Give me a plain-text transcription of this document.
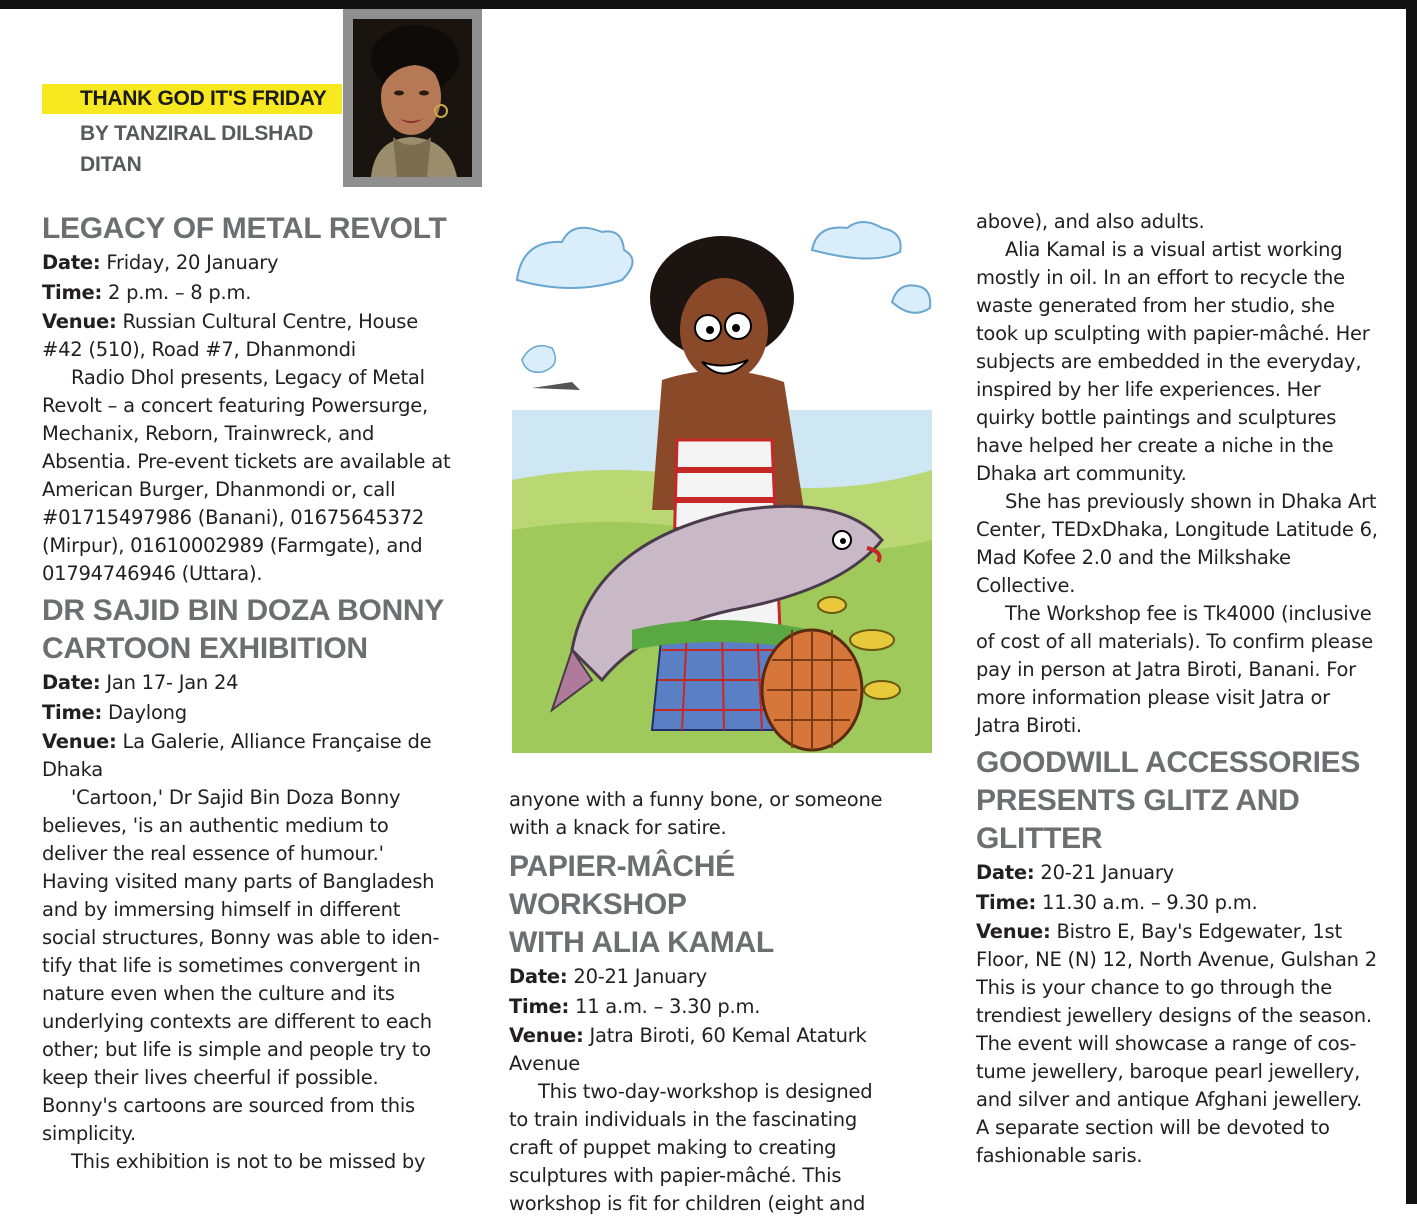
THANK GOD IT'S FRIDAY
BY TANZIRAL DILSHAD
DITAN
LEGACY OF METAL REVOLT
Date: Friday, 20 January
Time: 2 p.m. – 8 p.m.
Venue: Russian Cultural Centre, House
#42 (510), Road #7, Dhanmondi
Radio Dhol presents, Legacy of Metal
Revolt – a concert featuring Powersurge,
Mechanix, Reborn, Trainwreck, and
Absentia. Pre-event tickets are available at
American Burger, Dhanmondi or, call
#01715497986 (Banani), 01675645372
(Mirpur), 01610002989 (Farmgate), and
01794746946 (Uttara).
DR SAJID BIN DOZA BONNY
CARTOON EXHIBITION
Date: Jan 17- Jan 24
Time: Daylong
Venue: La Galerie, Alliance Française de
Dhaka
'Cartoon,' Dr Sajid Bin Doza Bonny
believes, 'is an authentic medium to
deliver the real essence of humour.'
Having visited many parts of Bangladesh
and by immersing himself in different
social structures, Bonny was able to iden-
tify that life is sometimes convergent in
nature even when the culture and its
underlying contexts are different to each
other; but life is simple and people try to
keep their lives cheerful if possible.
Bonny's cartoons are sourced from this
simplicity.
This exhibition is not to be missed by
anyone with a funny bone, or someone
with a knack for satire.
PAPIER-MÂCHÉ WORKSHOP
WITH ALIA KAMAL
Date: 20-21 January
Time: 11 a.m. – 3.30 p.m.
Venue: Jatra Biroti, 60 Kemal Ataturk
Avenue
This two-day-workshop is designed
to train individuals in the fascinating
craft of puppet making to creating
sculptures with papier-mâché. This
workshop is fit for children (eight and
above), and also adults.
Alia Kamal is a visual artist working
mostly in oil. In an effort to recycle the
waste generated from her studio, she
took up sculpting with papier-mâché. Her
subjects are embedded in the everyday,
inspired by her life experiences. Her
quirky bottle paintings and sculptures
have helped her create a niche in the
Dhaka art community.
She has previously shown in Dhaka Art
Center, TEDxDhaka, Longitude Latitude 6,
Mad Kofee 2.0 and the Milkshake
Collective.
The Workshop fee is Tk4000 (inclusive
of cost of all materials). To confirm please
pay in person at Jatra Biroti, Banani. For
more information please visit Jatra or
Jatra Biroti.
GOODWILL ACCESSORIES
PRESENTS GLITZ AND
GLITTER
Date: 20-21 January
Time: 11.30 a.m. – 9.30 p.m.
Venue: Bistro E, Bay's Edgewater, 1st
Floor, NE (N) 12, North Avenue, Gulshan 2
This is your chance to go through the
trendiest jewellery designs of the season.
The event will showcase a range of cos-
tume jewellery, baroque pearl jewellery,
and silver and antique Afghani jewellery.
A separate section will be devoted to
fashionable saris.
